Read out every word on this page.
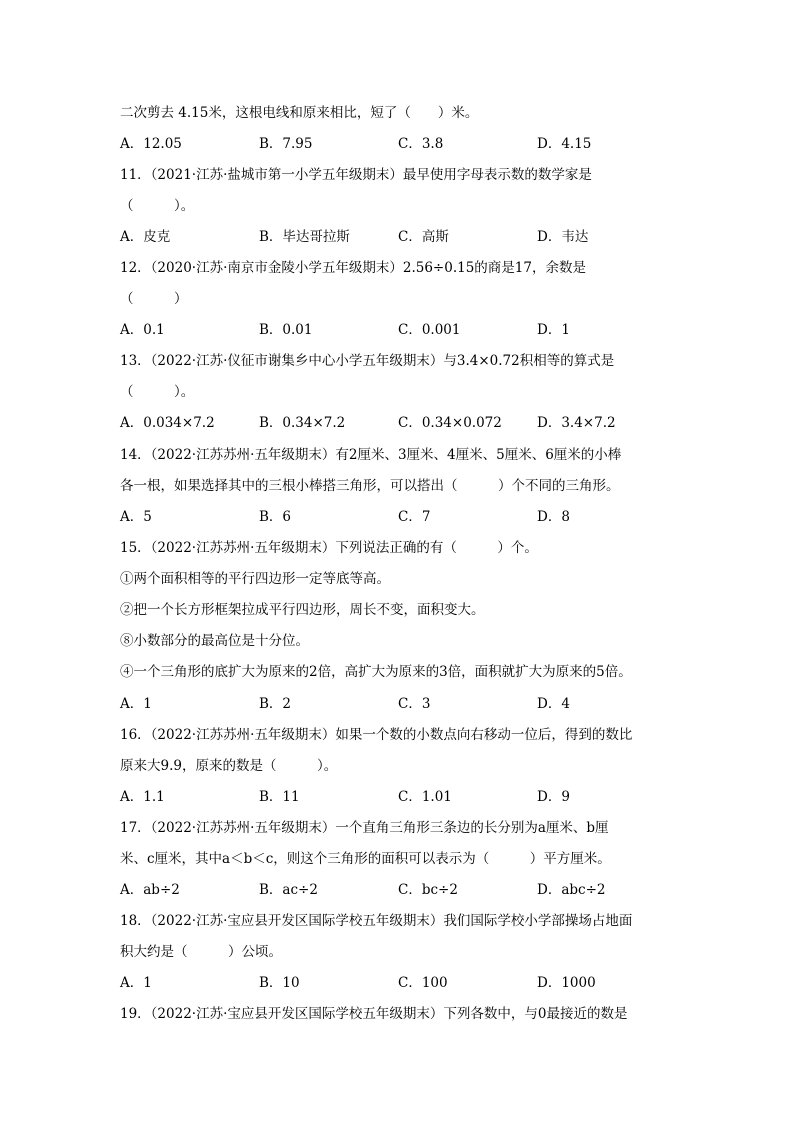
二次剪去 4.15米，这根电线和原来相比，短了（　　）米。
A．12.05	B．7.95	C．3.8	D．4.15
11．（2021·江苏·盐城市第一小学五年级期末）最早使用字母表示数的数学家是
（　　　）。
A．皮克	B．毕达哥拉斯	C．高斯	D．韦达
12．（2020·江苏·南京市金陵小学五年级期末）2.56÷0.15的商是17，余数是
（　　　）
A．0.1	B．0.01	C．0.001	D．1
13．（2022·江苏·仪征市谢集乡中心小学五年级期末）与3.4×0.72积相等的算式是
（　　　）。
A．0.034×7.2	B．0.34×7.2	C．0.34×0.072	D．3.4×7.2
14．（2022·江苏苏州·五年级期末）有2厘米、3厘米、4厘米、5厘米、6厘米的小棒
各一根，如果选择其中的三根小棒搭三角形，可以搭出（　　　）个不同的三角形。
A．5	B．6	C．7	D．8
15．（2022·江苏苏州·五年级期末）下列说法正确的有（　　　）个。
①两个面积相等的平行四边形一定等底等高。
②把一个长方形框架拉成平行四边形，周长不变，面积变大。
⑧小数部分的最高位是十分位。
④一个三角形的底扩大为原来的2倍，高扩大为原来的3倍，面积就扩大为原来的5倍。
A．1	B．2	C．3	D．4
16．（2022·江苏苏州·五年级期末）如果一个数的小数点向右移动一位后，得到的数比
原来大9.9，原来的数是（　　　）。
A．1.1	B．11	C．1.01	D．9
17．（2022·江苏苏州·五年级期末）一个直角三角形三条边的长分别为a厘米、b厘
米、c厘米，其中a＜b＜c，则这个三角形的面积可以表示为（　　　）平方厘米。
A．ab÷2	B．ac÷2	C．bc÷2	D．abc÷2
18．（2022·江苏·宝应县开发区国际学校五年级期末）我们国际学校小学部操场占地面
积大约是（　　　）公顷。
A．1	B．10	C．100	D．1000
19．（2022·江苏·宝应县开发区国际学校五年级期末）下列各数中，与0最接近的数是
